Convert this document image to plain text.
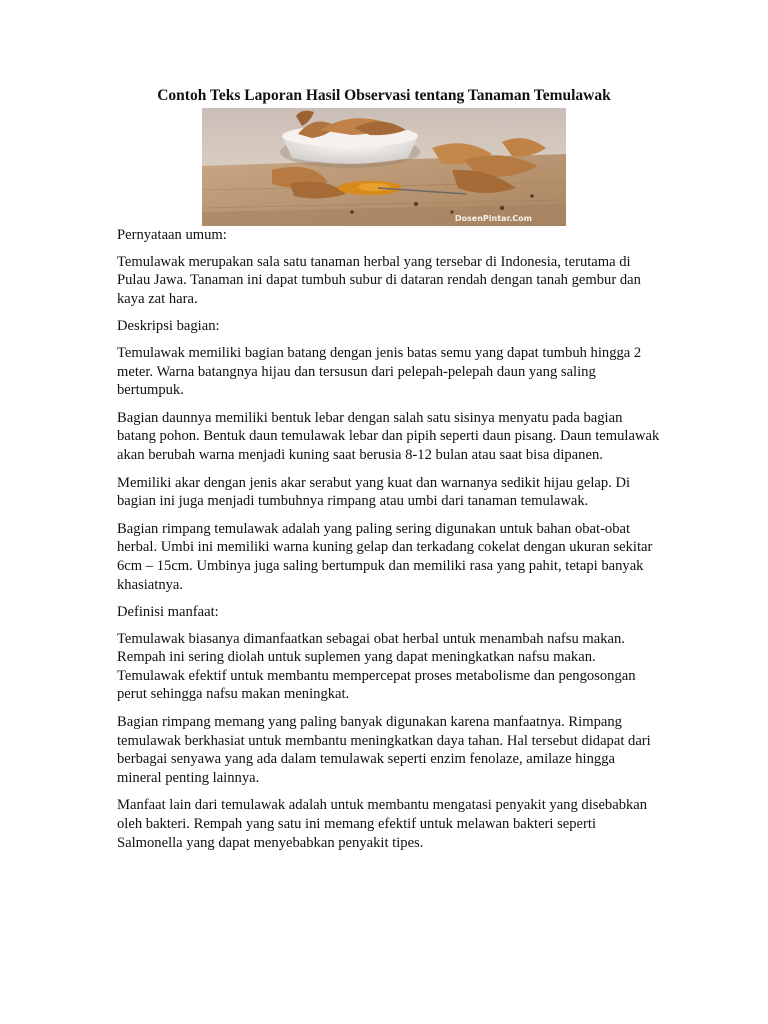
Contoh Teks Laporan Hasil Observasi tentang Tanaman Temulawak
DosenPintar.Com

Pernyataan umum:

Temulawak merupakan sala satu tanaman herbal yang tersebar di Indonesia, terutama di Pulau Jawa. Tanaman ini dapat tumbuh subur di dataran rendah dengan tanah gembur dan kaya zat hara.

Deskripsi bagian:

Temulawak memiliki bagian batang dengan jenis batas semu yang dapat tumbuh hingga 2 meter. Warna batangnya hijau dan tersusun dari pelepah-pelepah daun yang saling bertumpuk.

Bagian daunnya memiliki bentuk lebar dengan salah satu sisinya menyatu pada bagian batang pohon. Bentuk daun temulawak lebar dan pipih seperti daun pisang. Daun temulawak akan berubah warna menjadi kuning saat berusia 8-12 bulan atau saat bisa dipanen.

Memiliki akar dengan jenis akar serabut yang kuat dan warnanya sedikit hijau gelap. Di bagian ini juga menjadi tumbuhnya rimpang atau umbi dari tanaman temulawak.

Bagian rimpang temulawak adalah yang paling sering digunakan untuk bahan obat-obat herbal. Umbi ini memiliki warna kuning gelap dan terkadang cokelat dengan ukuran sekitar 6cm – 15cm. Umbinya juga saling bertumpuk dan memiliki rasa yang pahit, tetapi banyak khasiatnya.

Definisi manfaat:

Temulawak biasanya dimanfaatkan sebagai obat herbal untuk menambah nafsu makan. Rempah ini sering diolah untuk suplemen yang dapat meningkatkan nafsu makan. Temulawak efektif untuk membantu mempercepat proses metabolisme dan pengosongan perut sehingga nafsu makan meningkat.

Bagian rimpang memang yang paling banyak digunakan karena manfaatnya. Rimpang temulawak berkhasiat untuk membantu meningkatkan daya tahan. Hal tersebut didapat dari berbagai senyawa yang ada dalam temulawak seperti enzim fenolaze, amilaze hingga mineral penting lainnya.

Manfaat lain dari temulawak adalah untuk membantu mengatasi penyakit yang disebabkan oleh bakteri. Rempah yang satu ini memang efektif untuk melawan bakteri seperti Salmonella yang dapat menyebabkan penyakit tipes.
